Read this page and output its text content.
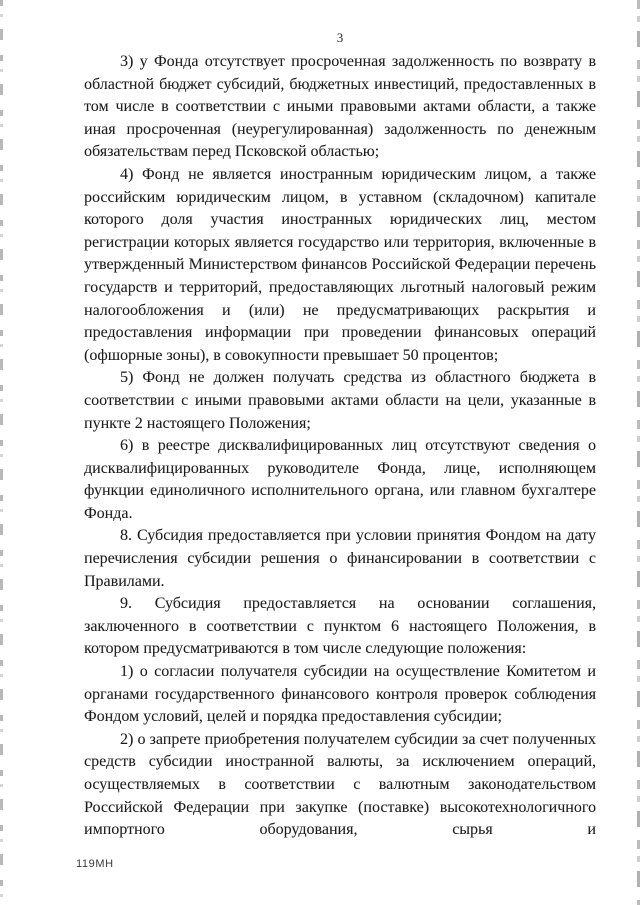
3

3) у Фонда отсутствует просроченная задолженность по возврату в областной бюджет субсидий, бюджетных инвестиций, предоставленных в том числе в соответствии с иными правовыми актами области, а также иная просроченная (неурегулированная) задолженность по денежным обязательствам перед Псковской областью;

4) Фонд не является иностранным юридическим лицом, а также российским юридическим лицом, в уставном (складочном) капитале которого доля участия иностранных юридических лиц, местом регистрации которых является государство или территория, включенные в утвержденный Министерством финансов Российской Федерации перечень государств и территорий, предоставляющих льготный налоговый режим налогообложения и (или) не предусматривающих раскрытия и предоставления информации при проведении финансовых операций (офшорные зоны), в совокупности превышает 50 процентов;

5) Фонд не должен получать средства из областного бюджета в соответствии с иными правовыми актами области на цели, указанные в пункте 2 настоящего Положения;

6) в реестре дисквалифицированных лиц отсутствуют сведения о дисквалифицированных руководителе Фонда, лице, исполняющем функции единоличного исполнительного органа, или главном бухгалтере Фонда.

8. Субсидия предоставляется при условии принятия Фондом на дату перечисления субсидии решения о финансировании в соответствии с Правилами.

9. Субсидия предоставляется на основании соглашения, заключенного в соответствии с пунктом 6 настоящего Положения, в котором предусматриваются в том числе следующие положения:

1) о согласии получателя субсидии на осуществление Комитетом и органами государственного финансового контроля проверок соблюдения Фондом условий, целей и порядка предоставления субсидии;

2) о запрете приобретения получателем субсидии за счет полученных средств субсидии иностранной валюты, за исключением операций, осуществляемых в соответствии с валютным законодательством Российской Федерации при закупке (поставке) высокотехнологичного импортного оборудования, сырья и

119МН
